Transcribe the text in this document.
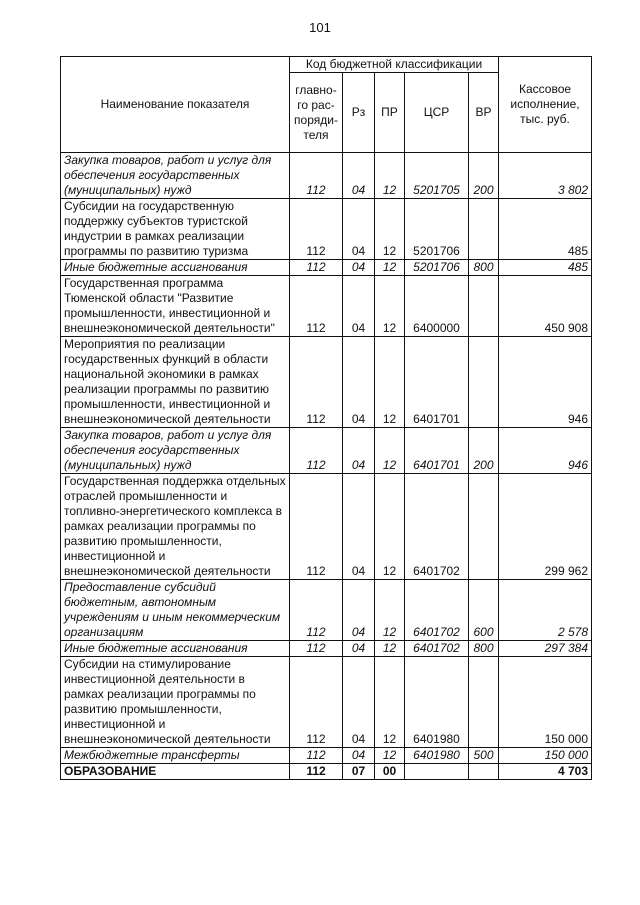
101
Наименование показателя	Код бюджетной классификации					Кассовое исполнение, тыс. руб.
	главно-го рас-поряди-теля	Рз	ПР	ЦСР	ВР	
Закупка товаров, работ и услуг для обеспечения государственных (муниципальных) нужд	112	04	12	5201705	200	3 802
Субсидии на государственную поддержку субъектов туристской индустрии в рамках реализации программы по развитию туризма	112	04	12	5201706		485
Иные бюджетные ассигнования	112	04	12	5201706	800	485
Государственная программа Тюменской области "Развитие промышленности, инвестиционной и внешнеэкономической деятельности"	112	04	12	6400000		450 908
Мероприятия по реализации государственных функций в области национальной экономики в рамках реализации программы по развитию промышленности, инвестиционной и внешнеэкономической деятельности	112	04	12	6401701		946
Закупка товаров, работ и услуг для обеспечения государственных (муниципальных) нужд	112	04	12	6401701	200	946
Государственная поддержка отдельных отраслей промышленности и топливно-энергетического комплекса в рамках реализации программы по развитию промышленности, инвестиционной и внешнеэкономической деятельности	112	04	12	6401702		299 962
Предоставление субсидий бюджетным, автономным учреждениям и иным некоммерческим организациям	112	04	12	6401702	600	2 578
Иные бюджетные ассигнования	112	04	12	6401702	800	297 384
Субсидии на стимулирование инвестиционной деятельности в рамках реализации программы по развитию промышленности, инвестиционной и внешнеэкономической деятельности	112	04	12	6401980		150 000
Межбюджетные трансферты	112	04	12	6401980	500	150 000
ОБРАЗОВАНИЕ	112	07	00			4 703
